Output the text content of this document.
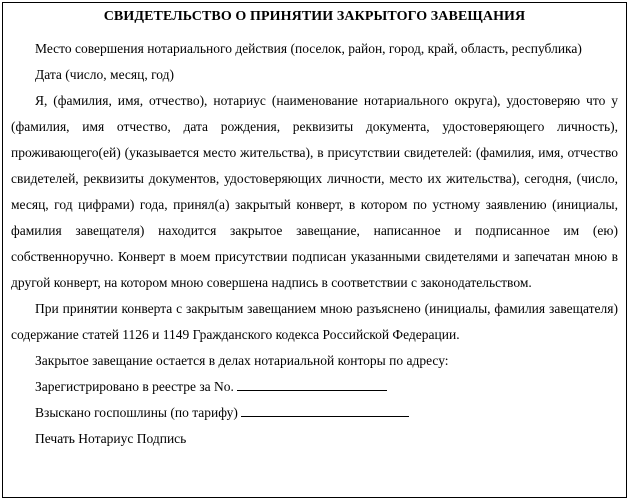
СВИДЕТЕЛЬСТВО О ПРИНЯТИИ ЗАКРЫТОГО ЗАВЕЩАНИЯ

Место совершения нотариального действия (поселок, район, город, край, область, республика)

Дата (число, месяц, год)

Я, (фамилия, имя, отчество), нотариус (наименование нотариального округа), удостоверяю что у (фамилия, имя отчество, дата рождения, реквизиты документа, удостоверяющего личность), проживающего(ей) (указывается место жительства), в присутствии свидетелей: (фамилия, имя, отчество свидетелей, реквизиты документов, удостоверяющих личности, место их жительства), сегодня, (число, месяц, год цифрами) года, принял(а) закрытый конверт, в котором по устному заявлению (инициалы, фамилия завещателя) находится закрытое завещание, написанное и подписанное им (ею) собственноручно. Конверт в моем присутствии подписан указанными свидетелями и запечатан мною в другой конверт, на котором мною совершена надпись в соответствии с законодательством.

При принятии конверта с закрытым завещанием мною разъяснено (инициалы, фамилия завещателя) содержание статей 1126 и 1149 Гражданского кодекса Российской Федерации.

Закрытое завещание остается в делах нотариальной конторы по адресу:

Зарегистрировано в реестре за No.

Взыскано госпошлины (по тарифу)

Печать Нотариус Подпись
